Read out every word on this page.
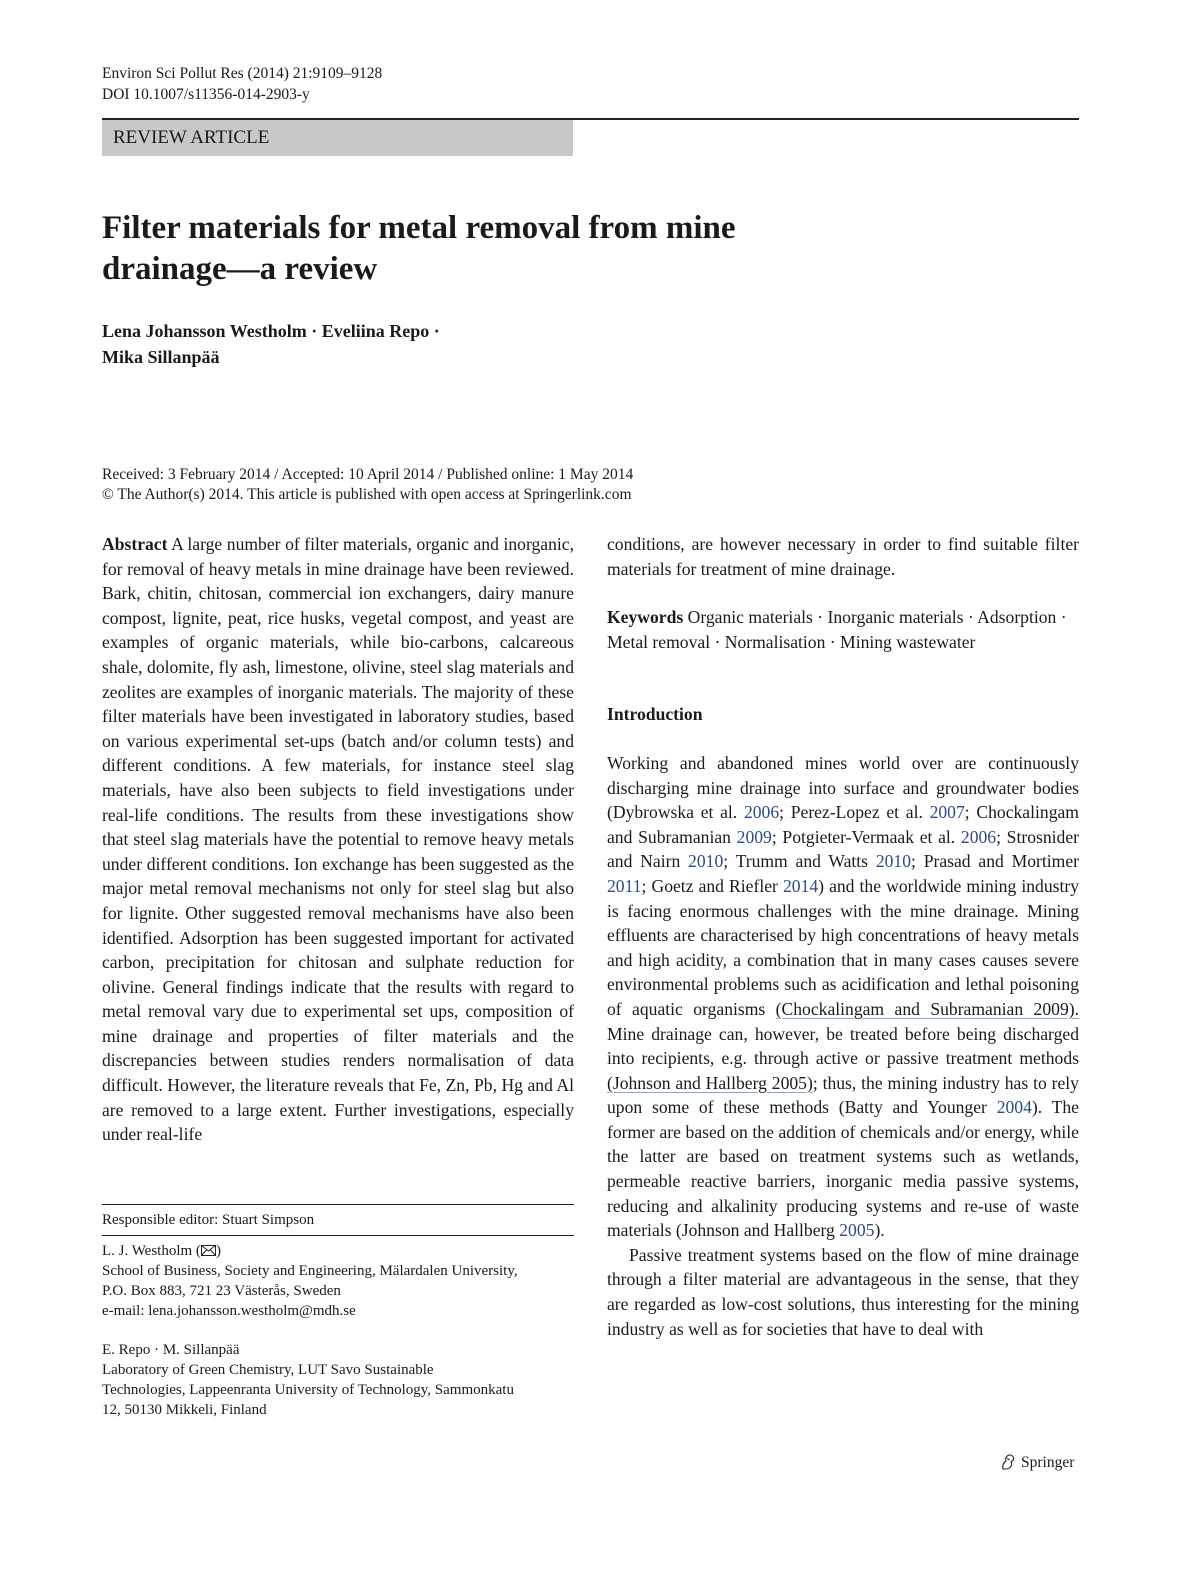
Environ Sci Pollut Res (2014) 21:9109–9128
DOI 10.1007/s11356-014-2903-y
REVIEW ARTICLE
Filter materials for metal removal from mine
drainage—a review
Lena Johansson Westholm · Eveliina Repo ·
Mika Sillanpää
Received: 3 February 2014 / Accepted: 10 April 2014 / Published online: 1 May 2014
© The Author(s) 2014. This article is published with open access at Springerlink.com

Abstract A large number of filter materials, organic and inorganic, for removal of heavy metals in mine drainage have been reviewed. Bark, chitin, chitosan, commercial ion exchangers, dairy manure compost, lignite, peat, rice husks, vegetal compost, and yeast are examples of organic materials, while bio-carbons, calcareous shale, dolomite, fly ash, limestone, olivine, steel slag materials and zeolites are examples of inorganic materials. The majority of these filter materials have been investigated in laboratory studies, based on various experimental set-ups (batch and/or column tests) and different conditions. A few materials, for instance steel slag materials, have also been subjects to field investigations under real-life conditions. The results from these investigations show that steel slag materials have the potential to remove heavy metals under different conditions. Ion exchange has been suggested as the major metal removal mechanisms not only for steel slag but also for lignite. Other suggested removal mechanisms have also been identified. Adsorption has been suggested important for activated carbon, precipitation for chitosan and sulphate reduction for olivine. General findings indicate that the results with regard to metal removal vary due to experimental set ups, composition of mine drainage and properties of filter materials and the discrepancies between studies renders normalisation of data difficult. However, the literature reveals that Fe, Zn, Pb, Hg and Al are removed to a large extent. Further investigations, especially under real-life

Responsible editor: Stuart Simpson
L. J. Westholm ( )
School of Business, Society and Engineering, Mälardalen University,
P.O. Box 883, 721 23 Västerås, Sweden
e-mail: lena.johansson.westholm@mdh.se
E. Repo · M. Sillanpää
Laboratory of Green Chemistry, LUT Savo Sustainable
Technologies, Lappeenranta University of Technology, Sammonkatu
12, 50130 Mikkeli, Finland

conditions, are however necessary in order to find suitable filter materials for treatment of mine drainage.

Keywords Organic materials · Inorganic materials · Adsorption · Metal removal · Normalisation · Mining wastewater

Introduction

Working and abandoned mines world over are continuously discharging mine drainage into surface and groundwater bodies (Dybrowska et al. 2006; Perez-Lopez et al. 2007; Chockalingam and Subramanian 2009; Potgieter-Vermaak et al. 2006; Strosnider and Nairn 2010; Trumm and Watts 2010; Prasad and Mortimer 2011; Goetz and Riefler 2014) and the worldwide mining industry is facing enormous challenges with the mine drainage. Mining effluents are characterised by high concentrations of heavy metals and high acidity, a combination that in many cases causes severe environmental problems such as acidification and lethal poisoning of aquatic organisms (Chockalingam and Subramanian 2009). Mine drainage can, however, be treated before being discharged into recipients, e.g. through active or passive treatment methods (Johnson and Hallberg 2005); thus, the mining industry has to rely upon some of these methods (Batty and Younger 2004). The former are based on the addition of chemicals and/or energy, while the latter are based on treatment systems such as wetlands, permeable reactive barriers, inorganic media passive systems, reducing and alkalinity producing systems and re-use of waste materials (Johnson and Hallberg 2005).

Passive treatment systems based on the flow of mine drainage through a filter material are advantageous in the sense, that they are regarded as low-cost solutions, thus interesting for the mining industry as well as for societies that have to deal with

Springer
